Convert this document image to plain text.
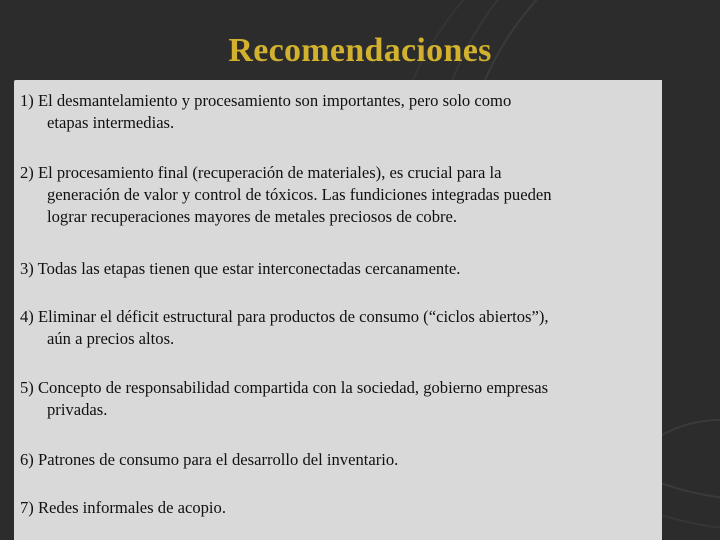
Recomendaciones
1) El desmantelamiento y procesamiento son importantes, pero solo como
etapas intermedias.
2) El procesamiento final (recuperación de materiales), es crucial para la
generación de valor y control de tóxicos. Las fundiciones integradas pueden
lograr recuperaciones mayores de metales preciosos de cobre.
3) Todas las etapas tienen que estar interconectadas cercanamente.
4) Eliminar el déficit estructural para productos de consumo (“ciclos abiertos”),
aún a precios altos.
5) Concepto de responsabilidad compartida con la sociedad, gobierno empresas
privadas.
6) Patrones de consumo para el desarrollo del inventario.
7) Redes informales de acopio.
